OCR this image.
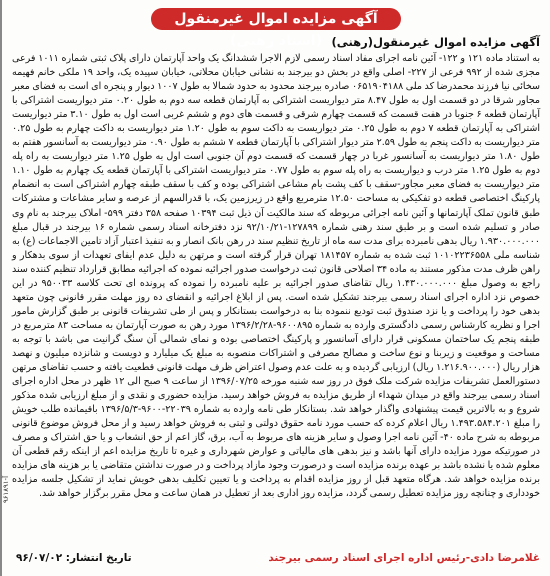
آگهی مزایده اموال غیرمنقول (اسناد رهنی) آگهی مزایده اموال غیرمنقول(رهنی)

به استناد ماده ۱۲۱ و ۱۲۲- آئین نامه اجرای مفاد اسناد رسمی لازم الاجرا ششدانگ یک واحد آپارتمان دارای پلاک ثبتی شماره ۱۰۱۱ فرعی مجزی شده از ۹۹۲ فرعی از ۲۲۷- اصلی واقع در بخش دو بیرجند به نشانی خیابان محلاتی، خیابان سپیده یک، واحد ۱۹ ملکی خانم فهیمه سخائی نیا فرزند محمدرضا کد ملی ۰۶۵۱۹۰۴۱۸۸ صادره بیرجند محدود به حدود شمالا به طول ۱۰۰۷ دیوار و پنجره ای است به فضای معبر مجاور شرقا در دو قسمت اول به طول ۸.۴۷ متر دیواریست اشتراکی به آپارتمان قطعه سه دوم به طول ۰.۲۰ متر دیواریست اشتراکی با آپارتمان قطعه ۶ جنوبا در هفت قسمت که قسمت چهارم شرقی و قسمت های دوم و ششم غربی است اول به طول ۳.۱۰ متر دیواریست اشتراکی به آپارتمان قطعه ۷ دوم به طول ۰.۲۵ متر دیواریست به داکت سوم به طول ۱.۲۰ متر دیواریست به داکت چهارم به طول ۰.۲۵ متر دیواریست به داکت پنجم به طول ۲.۵۹ متر دیوار اشتراکی با آپارتمان قطعه ۷ ششم به طول ۰.۹۰ متر دیواریست به آسانسور هفتم به طول ۱.۸۰ متر دیواریست به آسانسور غربا در چهار قسمت که قسمت دوم آن جنوبی است اول به طول ۱.۲۵ متر دیواریست به راه پله دوم به طول ۱.۲۵ متر درب و دیواریست به راه پله سوم به طول ۰.۷۷ متر دیواریست اشتراکی با آپارتمان قطعه یک چهارم به طول ۱.۱۰ متر دیواریست به فضای معبر مجاور-سقف با کف پشت بام مشاعی اشتراکی بوده و کف با سقف طبقه چهارم اشتراکی است به انضمام پارکینگ اختصاصی قطعه دو تفکیکی به مساحت ۱۲.۵۰ مترمربع واقع در زیرزمین یک، با قدرالسهم از عرصه و سایر مشاعات و مشترکات طبق قانون تملک آپارتمانها و آئین نامه اجرائی مربوطه که سند مالکیت آن ذیل ثبت ۱۰۳۹۴ صفحه ۳۵۸ دفتر ۵۹۹- املاک بیرجند به نام وی صادر و تسلیم شده است و بر طبق سند رهنی شماره ۱۲۷۸۹۹-۹۲/۱۰/۲۱ نزد دفترخانه اسناد رسمی شماره ۱۶ بیرجند در قبال مبلغ ۱.۹۳۰.۰۰۰.۰۰۰ ریال بدهی نامبرده برای مدت سه ماه از تاریخ تنظیم سند در رهن بانک انصار و به تنفیذ اعتبار آزاد تامین الاجماعات (ع) به شناسه ملی ۱۰۱۰۲۲۳۶۵۵۸ ثبت شده به شماره ۱۸۱۴۵۷ تهران قرار گرفته است و مرتهن به دلیل عدم ایفای تعهدات از سوی بدهکار و راهن ظرف مدت مذکور مستند به ماده ۳۴ اصلاحی قانون ثبت درخواست صدور اجرائیه نموده که اجرائیه مطابق قرارداد تنظیم کننده سند راجع به وصول مبلغ ۱.۴۳۰.۰۰۰.۰۰۰ ریال تقاضای صدور اجرائیه بر علیه نامبرده را نموده که پرونده ای تحت کلاسه ۹۵۰۰۳۳ در این خصوص نزد اداره اجرای اسناد رسمی بیرجند تشکیل شده است. پس از ابلاغ اجرائیه و انقضای ده روز مهلت مقرر قانونی چون متعهد بدهی خود را پرداخت و یا نزد صندوق ثبت تودیع ننموده بنا به درخواست بستانکار و پس از طی تشریفات قانونی بر طبق گزارش مامور اجرا و نظریه کارشناس رسمی دادگستری وارده به شماره ۹۶۰۰۸۹۵-۱۳۹۶/۲/۲۸ مورد رهن به صورت آپارتمان به مساحت ۸۳ مترمربع در طبقه پنجم یک ساختمان مسکونی قرار دارای آسانسور و پارکینگ اختصاصی بوده و نمای شمالی آن سنگ گرانیت می باشد با توجه به مساحت و موقعیت و زیربنا و نوع ساخت و مصالح مصرفی و اشتراکات منصوبه به مبلغ یک میلیارد و دویست و شانزده میلیون و نهصد هزار ریال (۱.۲۱۶.۹۰۰.۰۰۰ ریال) ارزیابی گردیده و به علت عدم وصول اعتراض ظرف مهلت قانونی قطعیت یافته و حسب تقاضای مرتهن دستورالعمل تشریفات مزایده شرکت ملک فوق در روز سه شنبه مورخه ۱۳۹۶/۰۷/۲۵ از ساعت ۹ صبح الی ۱۲ ظهر در محل اداره اجرای اسناد رسمی بیرجند واقع در میدان شهداء از طریق مزایده به فروش خواهد رسید. مزایده حضوری و نقدی و از مبلغ ارزیابی شده مذکور شروع و به بالاترین قیمت پیشنهادی واگذار خواهد شد. بستانکار طی نامه وارده به شماره ۲۲۰۳۹-۹۶۰۰-۱۳۹۶/۵/۳ باقیمانده طلب خویش را مبلغ ۱.۴۹۳.۵۸۴.۲۰۱ ریال اعلام کرده که حسب مورد نامه حقوق دولتی و ثبتی به فروش خواهد رسید و از محل فروش موضوع قانونی مربوطه به شرح ماده ۴۰- آئین نامه اجرا وصول و سایر هزینه های مربوط به آب، برق، گاز اعم از حق انشعاب و یا حق اشتراک و مصرف در صورتیکه مورد مزایده دارای آنها باشد و نیز بدهی های مالیاتی و عوارض شهرداری و غیره تا تاریخ مزایده اعم از اینکه رقم قطعی آن معلوم شده یا نشده باشد بر عهده برنده مزایده است و درصورت وجود مازاد پرداخت و در صورت نداشتن متقاضی یا بر هزینه های مزایده برنده مزایده خواهد شد. هرگاه متعهد قبل از روز مزایده اقدام به پرداخت و یا تعیین تکلیف بدهی خویش نماید از تشکیل جلسه مزایده خودداری و چنانچه روز مزایده تعطیل رسمی گردد، مزایده روز اداری بعد از تعطیل در همان ساعت و محل مقرر برگزار خواهد شد.

غلامرضا دادی-رئیس اداره اجرای اسناد رسمی بیرجند
تاریخ انتشار: ۹۶/۰۷/۰۲
آ-۹۶۱۸۹۱
